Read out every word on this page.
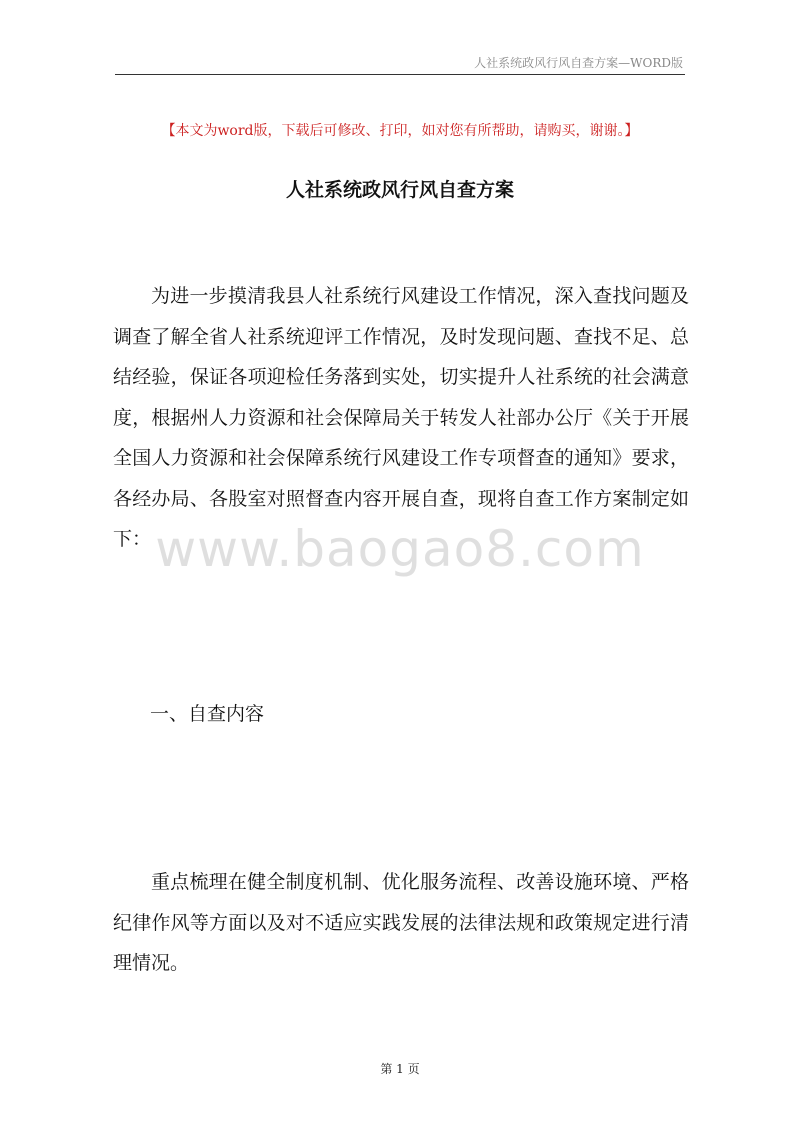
人社系统政风行风自查方案—WORD版
【本文为word版，下载后可修改、打印，如对您有所帮助，请购买，谢谢。】
人社系统政风行风自查方案

为进一步摸清我县人社系统行风建设工作情况，深入查找问题及调查了解全省人社系统迎评工作情况，及时发现问题、查找不足、总结经验，保证各项迎检任务落到实处，切实提升人社系统的社会满意度，根据州人力资源和社会保障局关于转发人社部办公厅《关于开展全国人力资源和社会保障系统行风建设工作专项督查的通知》要求，各经办局、各股室对照督查内容开展自查，现将自查工作方案制定如下： www.baogao8.com

一、自查内容

重点梳理在健全制度机制、优化服务流程、改善设施环境、严格纪律作风等方面以及对不适应实践发展的法律法规和政策规定进行清理情况。

第 1 页
